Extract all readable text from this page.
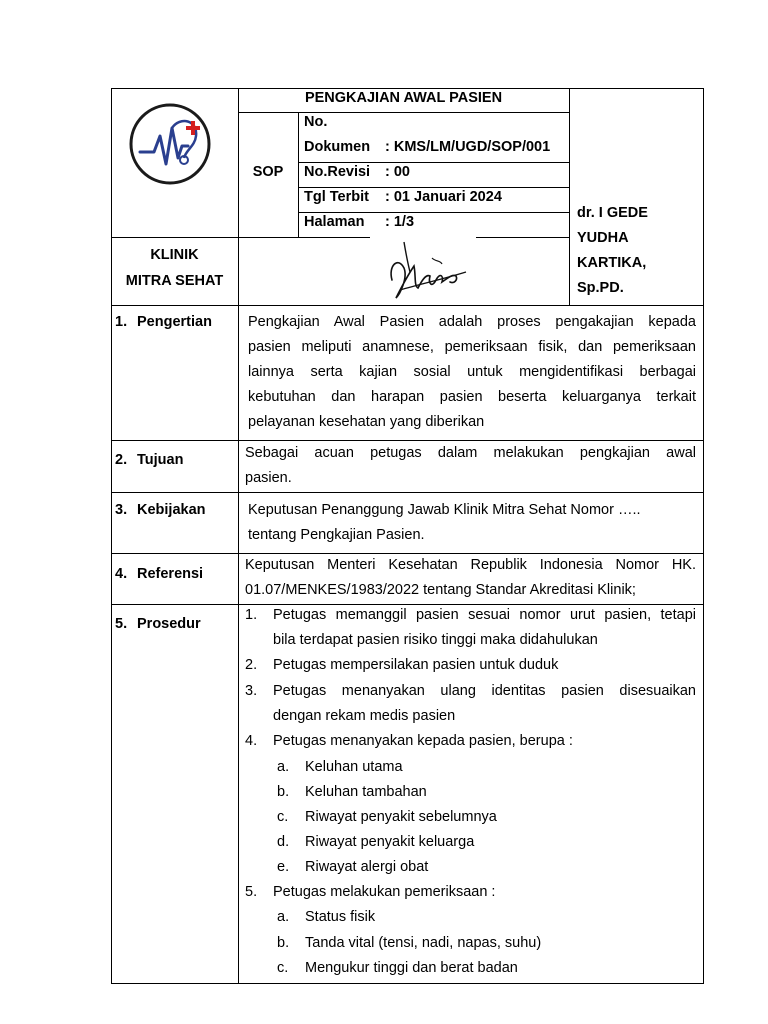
PENGKAJIAN AWAL PASIEN
SOP
No.
Dokumen : KMS/LM/UGD/SOP/001
No.Revisi : 00
Tgl Terbit : 01 Januari 2024
Halaman : 1/3
KLINIK
MITRA SEHAT
dr. I GEDE
YUDHA
KARTIKA,
Sp.PD.
1. Pengertian
2. Tujuan
3. Kebijakan
4. Referensi
5. Prosedur
Pengkajian Awal Pasien adalah proses pengakajian kepada
pasien meliputi anamnese, pemeriksaan fisik, dan pemeriksaan
lainnya serta kajian sosial untuk mengidentifikasi berbagai
kebutuhan dan harapan pasien beserta keluarganya terkait
pelayanan kesehatan yang diberikan
Sebagai acuan petugas dalam melakukan pengkajian awal
pasien.
Keputusan Penanggung Jawab Klinik Mitra Sehat Nomor …..
tentang Pengkajian Pasien.
Keputusan Menteri Kesehatan Republik Indonesia Nomor HK.
01.07/MENKES/1983/2022 tentang Standar Akreditasi Klinik;
1. Petugas memanggil pasien sesuai nomor urut pasien, tetapi
bila terdapat pasien risiko tinggi maka didahulukan
2. Petugas mempersilakan pasien untuk duduk
3. Petugas menanyakan ulang identitas pasien disesuaikan
dengan rekam medis pasien
4. Petugas menanyakan kepada pasien, berupa :
a. Keluhan utama
b. Keluhan tambahan
c. Riwayat penyakit sebelumnya
d. Riwayat penyakit keluarga
e. Riwayat alergi obat
5. Petugas melakukan pemeriksaan :
a. Status fisik
b. Tanda vital (tensi, nadi, napas, suhu)
c. Mengukur tinggi dan berat badan
